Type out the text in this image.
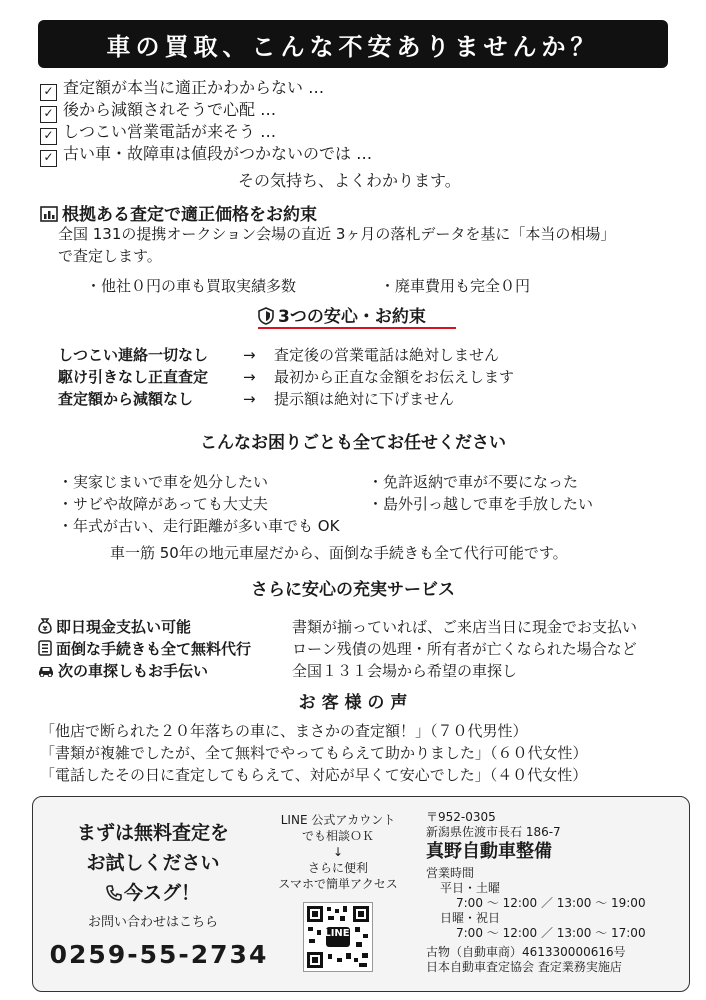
車の買取、こんな不安ありませんか？
✓ 査定額が本当に適正かわからない …
✓ 後から減額されそうで心配 …
✓ しつこい営業電話が来そう …
✓ 古い車・故障車は値段がつかないのでは …
その気持ち、よくわかります。
根拠ある査定で適正価格をお約束
全国 131の提携オークション会場の直近 3ヶ月の落札データを基に「本当の相場」
で査定します。
・他社０円の車も買取実績多数	・廃車費用も完全０円
3つの安心・お約束
しつこい連絡一切なし → 査定後の営業電話は絶対しません
駆け引きなし正直査定 → 最初から正直な金額をお伝えします
査定額から減額なし	→ 提示額は絶対に下げません
こんなお困りごとも全てお任せください
・実家じまいで車を処分したい
・サビや故障があっても大丈夫
・年式が古い、走行距離が多い車でも OK
・免許返納で車が不要になった
・島外引っ越しで車を手放したい
車一筋 50年の地元車屋だから、面倒な手続きも全て代行可能です。
さらに安心の充実サービス
¥ 即日現金支払い可能	書類が揃っていれば、ご来店当日に現金でお支払い
面倒な手続きも全て無料代行	ローン残債の処理・所有者が亡くなられた場合など
次の車探しもお手伝い	全国１３１会場から希望の車探し
お 客 様 の 声
「他店で断られた２０年落ちの車に、まさかの査定額！」（７０代男性）
「書類が複雑でしたが、全て無料でやってもらえて助かりました」（６０代女性）
「電話したその日に査定してもらえて、対応が早くて安心でした」（４０代女性）
まずは無料査定を
お試しください
今スグ！
お問い合わせはこちら
0259-55-2734
LINE 公式アカウント
でも相談ＯＫ
↓
さらに便利
スマホで簡単アクセス
LINE
〒952-0305
新潟県佐渡市長石 186-7
真野自動車整備
営業時間
平日・土曜
7:00 ～ 12:00 ／ 13:00 ～ 19:00
日曜・祝日
7:00 ～ 12:00 ／ 13:00 ～ 17:00
古物（自動車商）461330000616号
日本自動車査定協会 査定業務実施店
